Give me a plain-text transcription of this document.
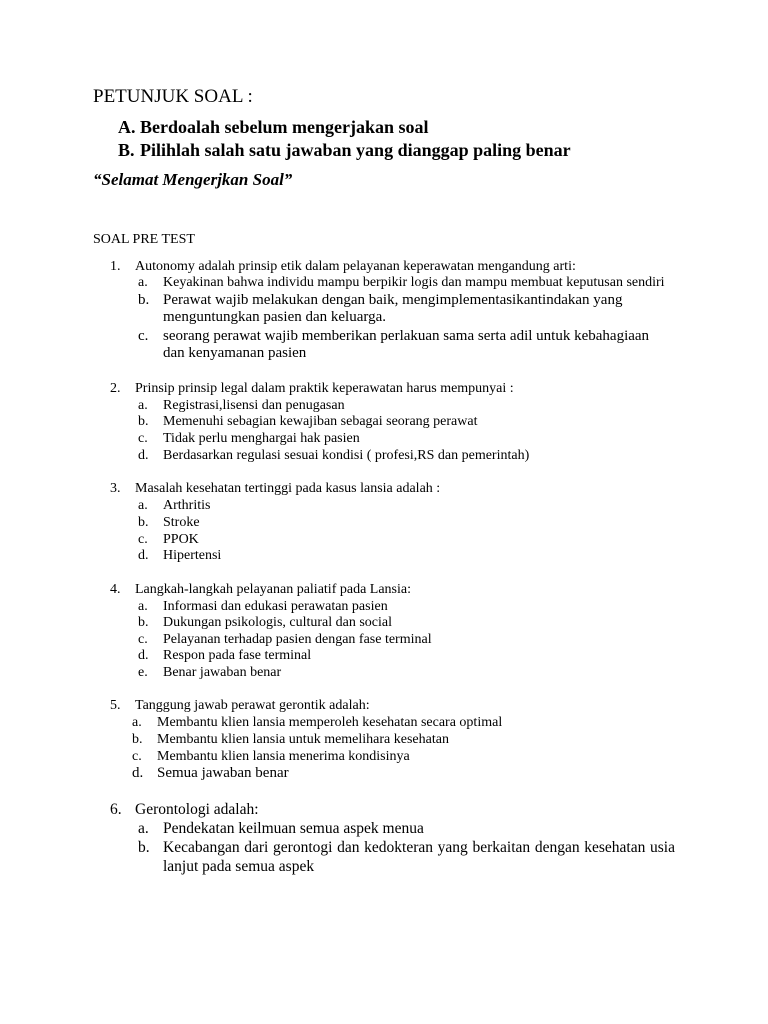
PETUNJUK SOAL :
A. Berdoalah sebelum mengerjakan soal
B. Pilihlah salah satu jawaban yang dianggap paling benar
“Selamat Mengerjkan Soal”
SOAL PRE TEST
1. Autonomy adalah prinsip etik dalam pelayanan keperawatan mengandung arti:
a. Keyakinan bahwa individu mampu berpikir logis dan mampu membuat keputusan sendiri
b. Perawat wajib melakukan dengan baik, mengimplementasikantindakan yang menguntungkan pasien dan keluarga.
c. seorang perawat wajib memberikan perlakuan sama serta adil untuk kebahagiaan dan kenyamanan pasien
2. Prinsip prinsip legal dalam praktik keperawatan harus mempunyai :
a. Registrasi,lisensi dan penugasan
b. Memenuhi sebagian kewajiban sebagai seorang perawat
c. Tidak perlu menghargai hak pasien
d. Berdasarkan regulasi sesuai kondisi ( profesi,RS dan pemerintah)
3. Masalah kesehatan tertinggi pada kasus lansia adalah :
a. Arthritis
b. Stroke
c. PPOK
d. Hipertensi
4. Langkah-langkah pelayanan paliatif pada Lansia:
a. Informasi dan edukasi perawatan pasien
b. Dukungan psikologis, cultural dan social
c. Pelayanan terhadap pasien dengan fase terminal
d. Respon pada fase terminal
e. Benar jawaban benar
5. Tanggung jawab perawat gerontik adalah:
a. Membantu klien lansia memperoleh kesehatan secara optimal
b. Membantu klien lansia untuk memelihara kesehatan
c. Membantu klien lansia menerima kondisinya
d. Semua jawaban benar
6. Gerontologi adalah:
a. Pendekatan keilmuan semua aspek menua
b. Kecabangan dari gerontogi dan kedokteran yang berkaitan dengan kesehatan usia lanjut pada semua aspek
